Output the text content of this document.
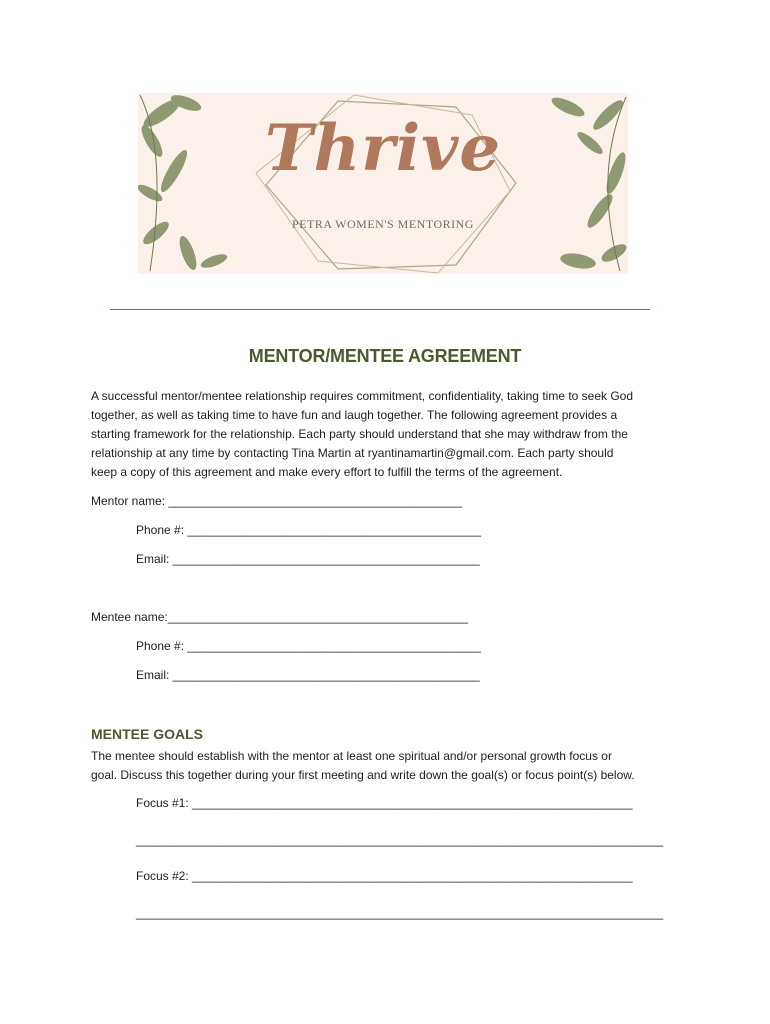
Thrive
PETRA WOMEN'S MENTORING
MENTOR/MENTEE AGREEMENT

A successful mentor/mentee relationship requires commitment, confidentiality, taking time to seek God

together, as well as taking time to have fun and laugh together. The following agreement provides a

starting framework for the relationship. Each party should understand that she may withdraw from the

relationship at any time by contacting Tina Martin at ryantinamartin@gmail.com. Each party should

keep a copy of this agreement and make every effort to fulfill the terms of the agreement.

Mentor name: ____________________________________________
Phone #: ____________________________________________
Email: ______________________________________________
Mentee name:_____________________________________________
Phone #: ____________________________________________
Email: ______________________________________________
MENTEE GOALS

The mentee should establish with the mentor at least one spiritual and/or personal growth focus or

goal. Discuss this together during your first meeting and write down the goal(s) or focus point(s) below.

Focus #1: __________________________________________________________________
_______________________________________________________________________________
Focus #2: __________________________________________________________________
_______________________________________________________________________________
